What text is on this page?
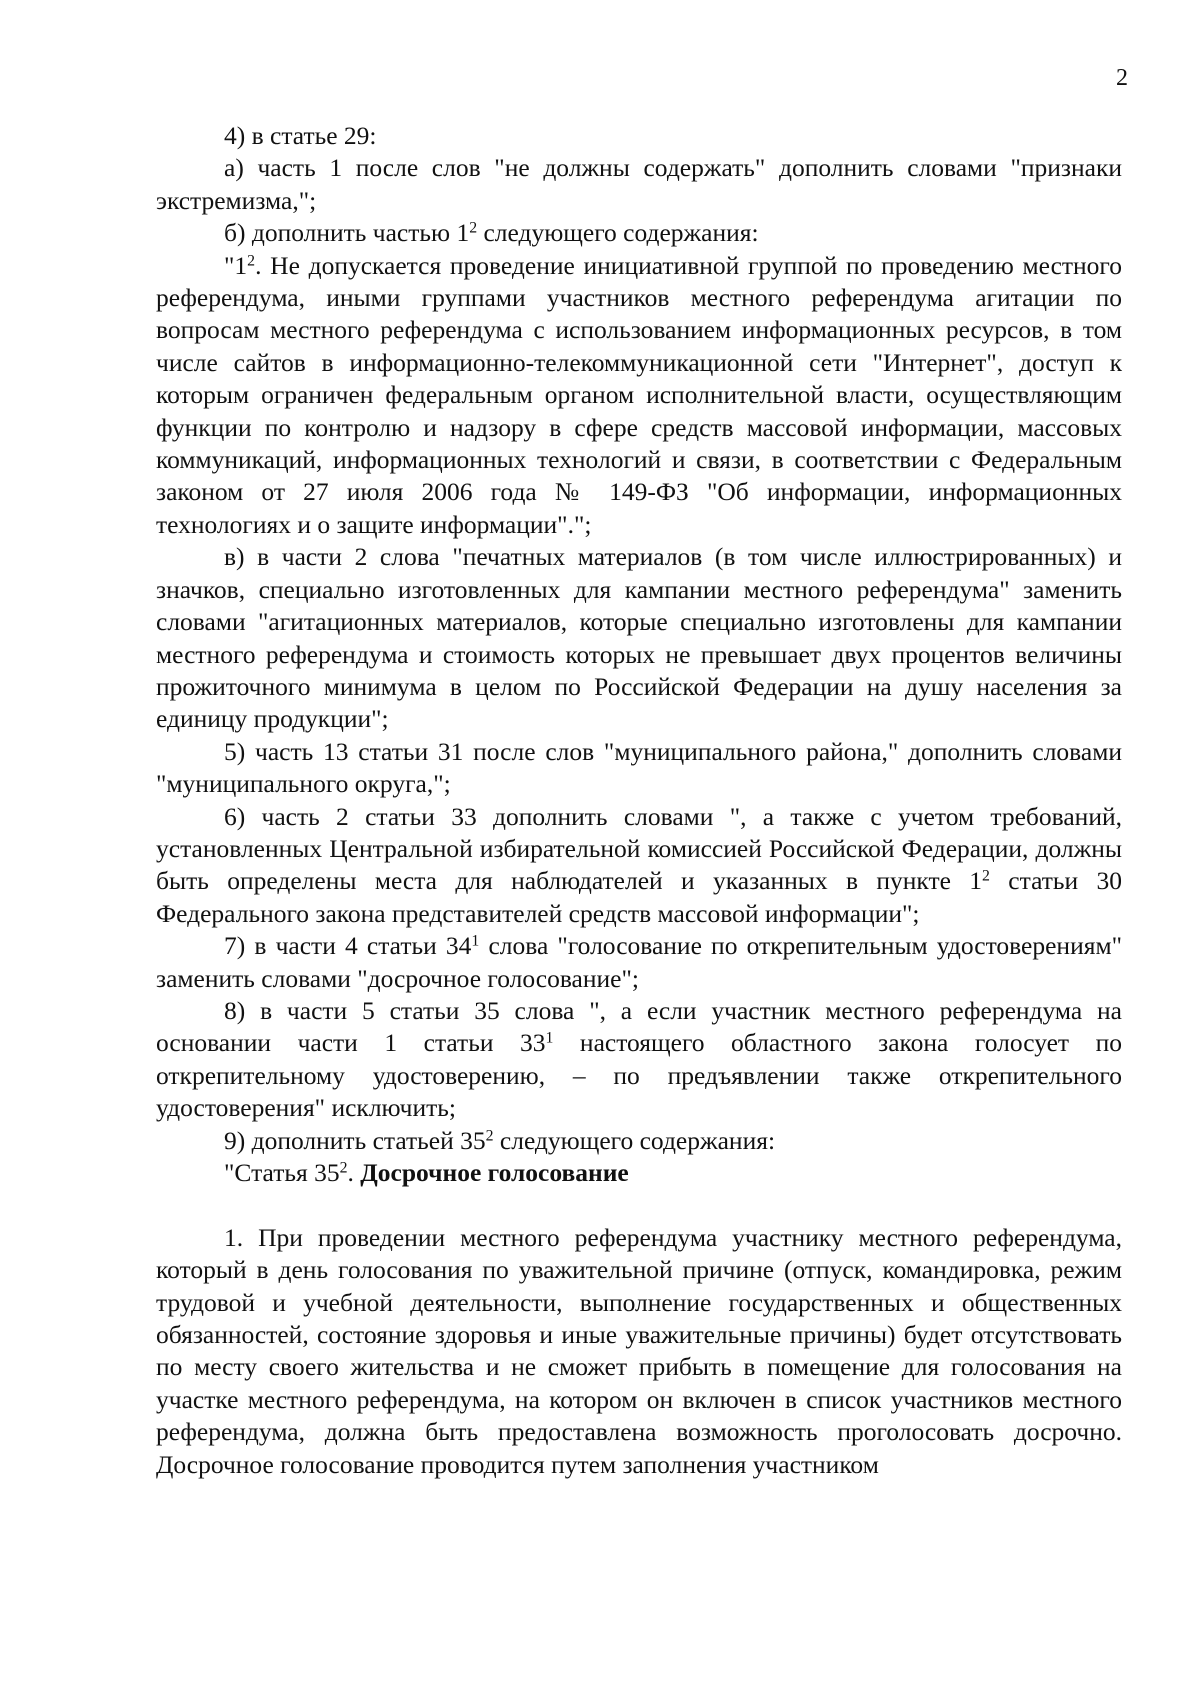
2

4) в статье 29:

а) часть 1 после слов "не должны содержать" дополнить словами "признаки экстремизма,";

б) дополнить частью $1^2$ следующего содержания:

"$1^2$. Не допускается проведение инициативной группой по проведению местного референдума, иными группами участников местного референдума агитации по вопросам местного референдума с использованием информационных ресурсов, в том числе сайтов в информационно-телекоммуникационной сети "Интернет", доступ к которым ограничен федеральным органом исполнительной власти, осуществляющим функции по контролю и надзору в сфере средств массовой информации, массовых коммуникаций, информационных технологий и связи, в соответствии с Федеральным законом от 27 июля 2006 года № 149-ФЗ "Об информации, информационных технологиях и о защите информации".";

в) в части 2 слова "печатных материалов (в том числе иллюстрированных) и значков, специально изготовленных для кампании местного референдума" заменить словами "агитационных материалов, которые специально изготовлены для кампании местного референдума и стоимость которых не превышает двух процентов величины прожиточного минимума в целом по Российской Федерации на душу населения за единицу продукции";

5) часть 13 статьи 31 после слов "муниципального района," дополнить словами "муниципального округа,";

6) часть 2 статьи 33 дополнить словами ", а также с учетом требований, установленных Центральной избирательной комиссией Российской Федерации, должны быть определены места для наблюдателей и указанных в пункте $1^2$ статьи 30 Федерального закона представителей средств массовой информации";

7) в части 4 статьи $34^1$ слова "голосование по открепительным удостоверениям" заменить словами "досрочное голосование";

8) в части 5 статьи 35 слова ", а если участник местного референдума на основании части 1 статьи $33^1$ настоящего областного закона голосует по открепительному удостоверению, – по предъявлении также открепительного удостоверения" исключить;

9) дополнить статьей $35^2$ следующего содержания:

"Статья $35^2$. Досрочное голосование

1. При проведении местного референдума участнику местного референдума, который в день голосования по уважительной причине (отпуск, командировка, режим трудовой и учебной деятельности, выполнение государственных и общественных обязанностей, состояние здоровья и иные уважительные причины) будет отсутствовать по месту своего жительства и не сможет прибыть в помещение для голосования на участке местного референдума, на котором он включен в список участников местного референдума, должна быть предоставлена возможность проголосовать досрочно. Досрочное голосование проводится путем заполнения участником
